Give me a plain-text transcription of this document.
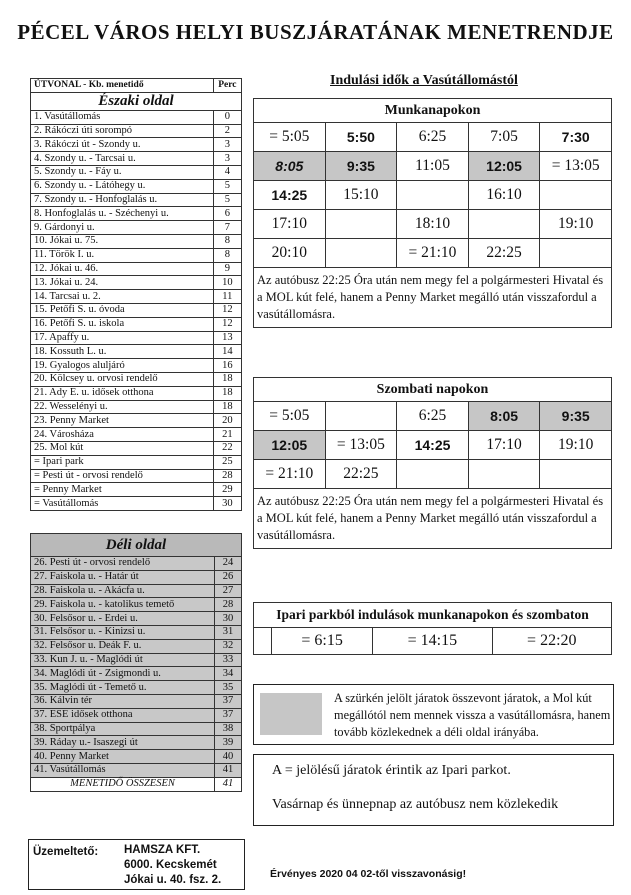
PÉCEL VÁROS HELYI BUSZJÁRATÁNAK MENETRENDJE
ÚTVONAL - Kb. menetidő	Perc
Északi oldal	
1. Vasútállomás	0
2. Rákóczi úti sorompó	2
3. Rákóczi út - Szondy u.	3
4. Szondy u. - Tarcsai u.	3
5. Szondy u. - Fáy u.	4
6. Szondy u. - Látóhegy u.	5
7. Szondy u. - Honfoglalás u.	5
8. Honfoglalás u. - Széchenyi u.	6
9. Gárdonyi u.	7
10. Jókai u. 75.	8
11. Török I. u.	8
12. Jókai u. 46.	9
13. Jókai u. 24.	10
14. Tarcsai u. 2.	11
15. Petőfi S. u. óvoda	12
16. Petőfi S. u. iskola	12
17. Apaffy u.	13
18. Kossuth L. u.	14
19. Gyalogos aluljáró	16
20. Kölcsey u. orvosi rendelő	18
21. Ady E. u. idősek otthona	18
22. Wesselényi u.	18
23. Penny Market	20
24. Városháza	21
25. Mol kút	22
= Ipari park	25
= Pesti út - orvosi rendelő	28
= Penny Market	29
= Vasútállomás	30
Déli oldal	
26. Pesti út - orvosi rendelő	24
27. Faiskola u. - Határ út	26
28. Faiskola u. - Akácfa u.	27
29. Faiskola u. - katolikus temető	28
30. Felsősor u. - Erdei u.	30
31. Felsősor u. - Kinizsi u.	31
32. Felsősor u. Deák F. u.	32
33. Kun J. u. - Maglódi út	33
34. Maglódi út - Zsigmondi u.	34
35. Maglódi út - Temető u.	35
36. Kálvin tér	37
37. ESE idősek otthona	37
38. Sportpálya	38
39. Ráday u.- Isaszegi út	39
40. Penny Market	40
41. Vasútállomás	41
MENETIDŐ ÖSSZESEN	41
Indulási idők a Vasútállomástól
Munkanapokon				
= 5:05	5:50	6:25	7:05	7:30
8:05	9:35	11:05	12:05	= 13:05
14:25	15:10		16:10	
17:10		18:10		19:10
20:10		= 21:10	22:25	
Az autóbusz 22:25 Óra után nem megy fel a polgármesteri Hivatal és a MOL kút felé, hanem a Penny Market megálló után visszafordul a vasútállomásra.				
Szombati napokon				
= 5:05		6:25	8:05	9:35
12:05	= 13:05	14:25	17:10	19:10
= 21:10	22:25			
Az autóbusz 22:25 Óra után nem megy fel a polgármesteri Hivatal és a MOL kút felé, hanem a Penny Market megálló után visszafordul a vasútállomásra.				
Ipari parkból indulások munkanapokon és szombaton
	= 6:15	= 14:15	= 22:20
A szürkén jelölt járatok összevont járatok, a Mol kút megállótól nem mennek vissza a vasútállomásra, hanem tovább közlekednek a déli oldal irányába.
A = jelölésű járatok érintik az Ipari parkot.
Vasárnap és ünnepnap az autóbusz nem közlekedik
Üzemeltető: HAMSZA KFT.
6000. Kecskemét
Jókai u. 40. fsz. 2.	Érvényes 2020 04 02-től visszavonásig!
